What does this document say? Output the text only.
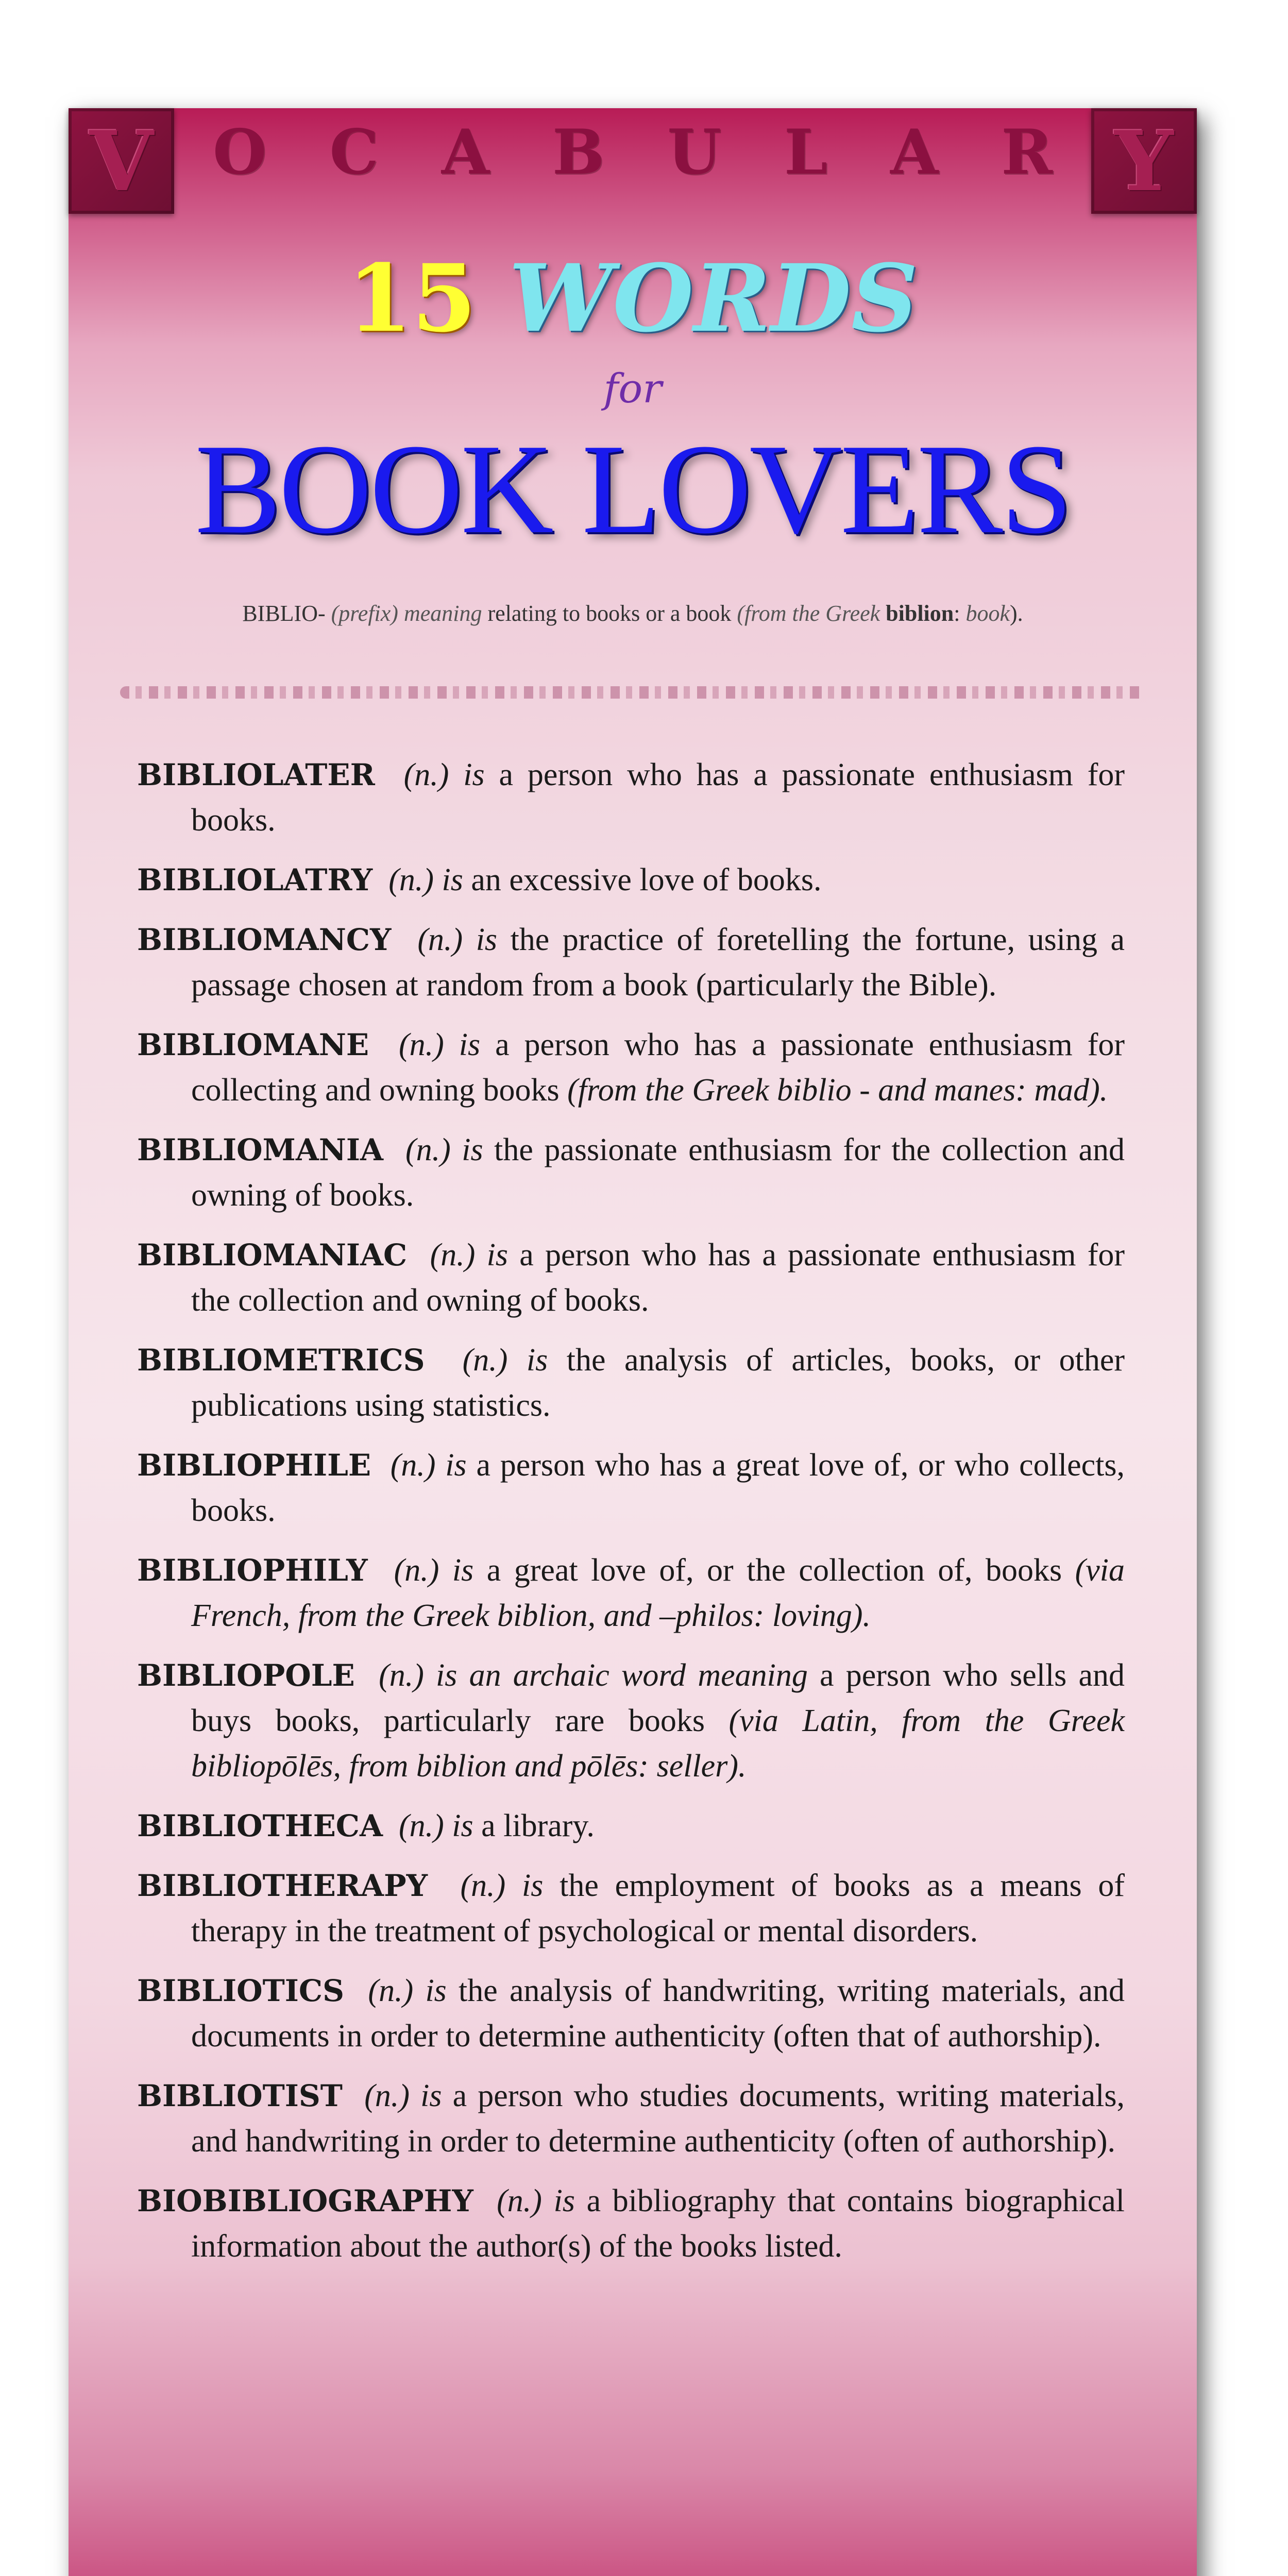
V	Y
O C A B U L A R
15 WORDS
for
BOOK LOVERS
BIBLIO- (prefix) meaning relating to books or a book (from the Greek biblion: book).
BIBLIOLATER (n.) is a person who has a passionate enthusiasm for books.
BIBLIOLATRY (n.) is an excessive love of books.
BIBLIOMANCY (n.) is the practice of foretelling the fortune, using a passage chosen at random from a book (particularly the Bible).
BIBLIOMANE (n.) is a person who has a passionate enthusiasm for collecting and owning books (from the Greek biblio - and manes: mad).
BIBLIOMANIA (n.) is the passionate enthusiasm for the collection and owning of books.
BIBLIOMANIAC (n.) is a person who has a passionate enthusiasm for the collection and owning of books.
BIBLIOMETRICS (n.) is the analysis of articles, books, or other publications using statistics.
BIBLIOPHILE (n.) is a person who has a great love of, or who collects, books.
BIBLIOPHILY (n.) is a great love of, or the collection of, books (via French, from the Greek biblion, and –philos: loving).
BIBLIOPOLE (n.) is an archaic word meaning a person who sells and buys books, particularly rare books (via Latin, from the Greek bibliopōlēs, from biblion and pōlēs: seller).
BIBLIOTHECA (n.) is a library.
BIBLIOTHERAPY (n.) is the employment of books as a means of therapy in the treatment of psychological or mental disorders.
BIBLIOTICS (n.) is the analysis of handwriting, writing materials, and documents in order to determine authenticity (often that of authorship).
BIBLIOTIST (n.) is a person who studies documents, writing materials, and handwriting in order to determine authenticity (often of authorship).
BIOBIBLIOGRAPHY (n.) is a bibliography that contains biographical information about the author(s) of the books listed.
